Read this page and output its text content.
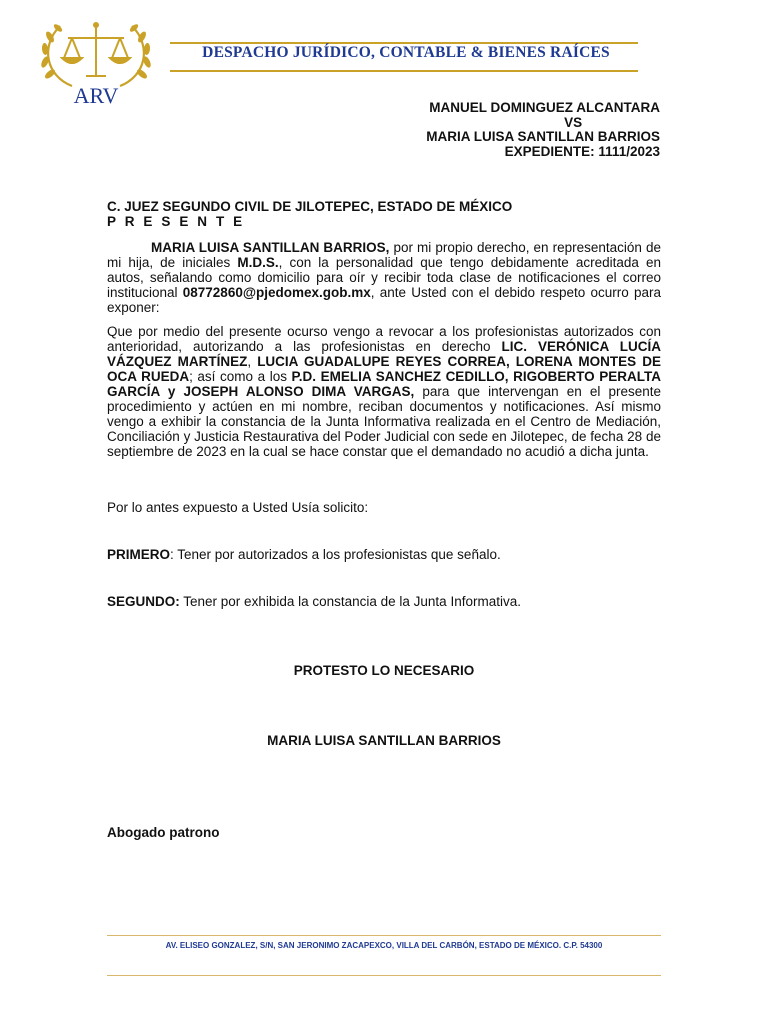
ARV
DESPACHO JURÍDICO, CONTABLE & BIENES RAÍCES
MANUEL DOMINGUEZ ALCANTARA
VS
MARIA LUISA SANTILLAN BARRIOS
EXPEDIENTE: 1111/2023
C. JUEZ SEGUNDO CIVIL DE JILOTEPEC, ESTADO DE MÉXICO
P R E S E N T E
MARIA LUISA SANTILLAN BARRIOS, por mi propio derecho, en representación de mi hija, de iniciales M.D.S., con la personalidad que tengo debidamente acreditada en autos, señalando como domicilio para oír y recibir toda clase de notificaciones el correo institucional 08772860@pjedomex.gob.mx, ante Usted con el debido respeto ocurro para exponer:
Que por medio del presente ocurso vengo a revocar a los profesionistas autorizados con anterioridad, autorizando a las profesionistas en derecho LIC. VERÓNICA LUCÍA VÁZQUEZ MARTÍNEZ, LUCIA GUADALUPE REYES CORREA, LORENA MONTES DE OCA RUEDA; así como a los P.D. EMELIA SANCHEZ CEDILLO, RIGOBERTO PERALTA GARCÍA y JOSEPH ALONSO DIMA VARGAS, para que intervengan en el presente procedimiento y actúen en mi nombre, reciban documentos y notificaciones. Así mismo vengo a exhibir la constancia de la Junta Informativa realizada en el Centro de Mediación, Conciliación y Justicia Restaurativa del Poder Judicial con sede en Jilotepec, de fecha 28 de septiembre de 2023 en la cual se hace constar que el demandado no acudió a dicha junta.
Por lo antes expuesto a Usted Usía solicito:
PRIMERO: Tener por autorizados a los profesionistas que señalo.
SEGUNDO: Tener por exhibida la constancia de la Junta Informativa.
PROTESTO LO NECESARIO
MARIA LUISA SANTILLAN BARRIOS
Abogado patrono
AV. ELISEO GONZALEZ, S/N, SAN JERONIMO ZACAPEXCO, VILLA DEL CARBÓN, ESTADO DE MÉXICO. C.P. 54300
